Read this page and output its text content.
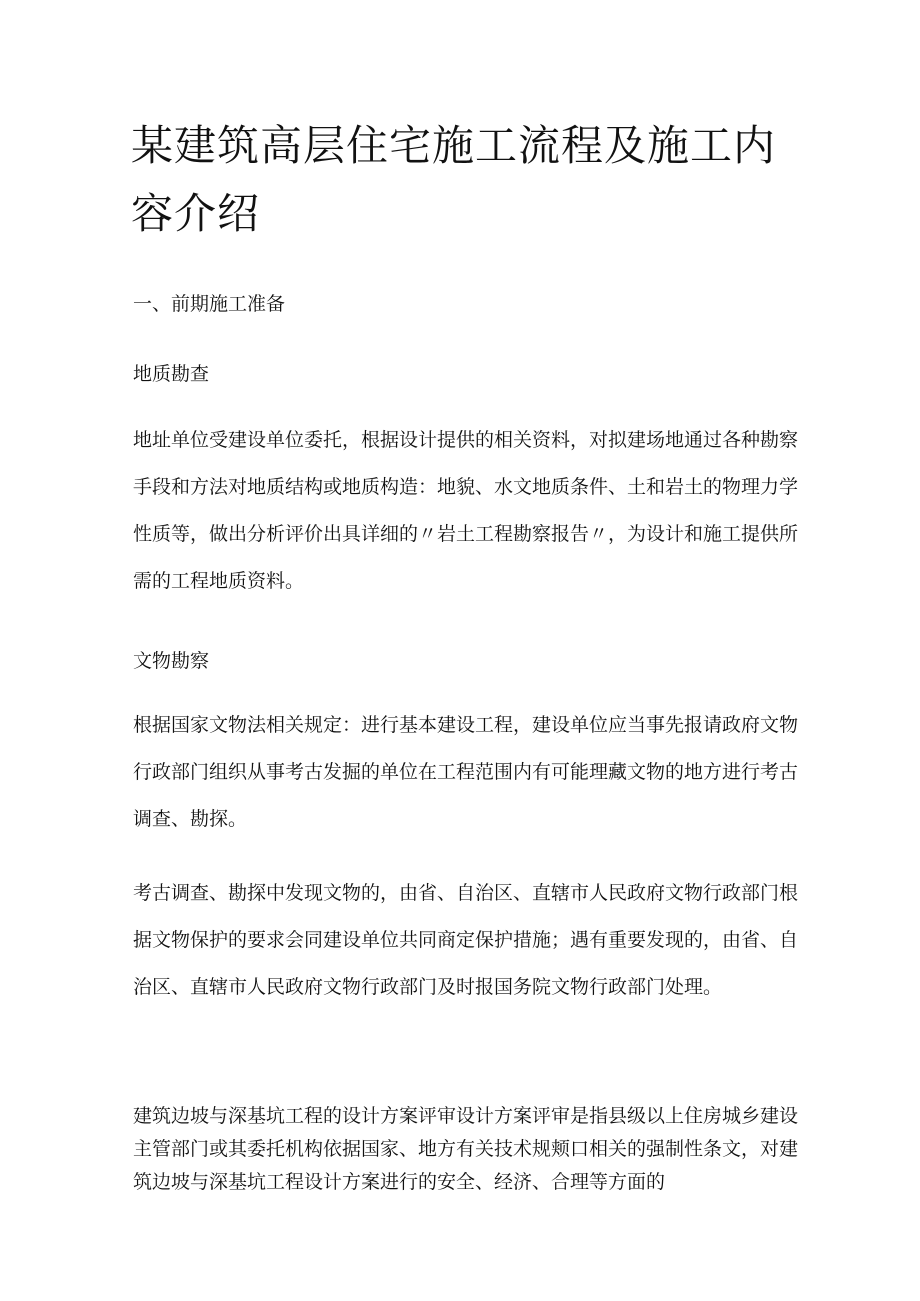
某建筑高层住宅施工流程及施工内容介绍

一、前期施工准备

地质勘查

地址单位受建设单位委托，根据设计提供的相关资料，对拟建场地通过各种勘察手段和方法对地质结构或地质构造：地貌、水文地质条件、土和岩土的物理力学性质等，做出分析评价出具详细的〃岩土工程勘察报告〃，为设计和施工提供所需的工程地质资料。

文物勘察

根据国家文物法相关规定：进行基本建设工程，建设单位应当事先报请政府文物行政部门组织从事考古发掘的单位在工程范围内有可能理藏文物的地方进行考古调查、勘探。

考古调查、勘探中发现文物的，由省、自治区、直辖市人民政府文物行政部门根据文物保护的要求会同建设单位共同商定保护措施；遇有重要发现的，由省、自治区、直辖市人民政府文物行政部门及时报国务院文物行政部门处理。

建筑边坡与深基坑工程的设计方案评审设计方案评审是指县级以上住房城乡建设主管部门或其委托机构依据国家、地方有关技术规颊口相关的强制性条文，对建筑边坡与深基坑工程设计方案进行的安全、经济、合理等方面的
